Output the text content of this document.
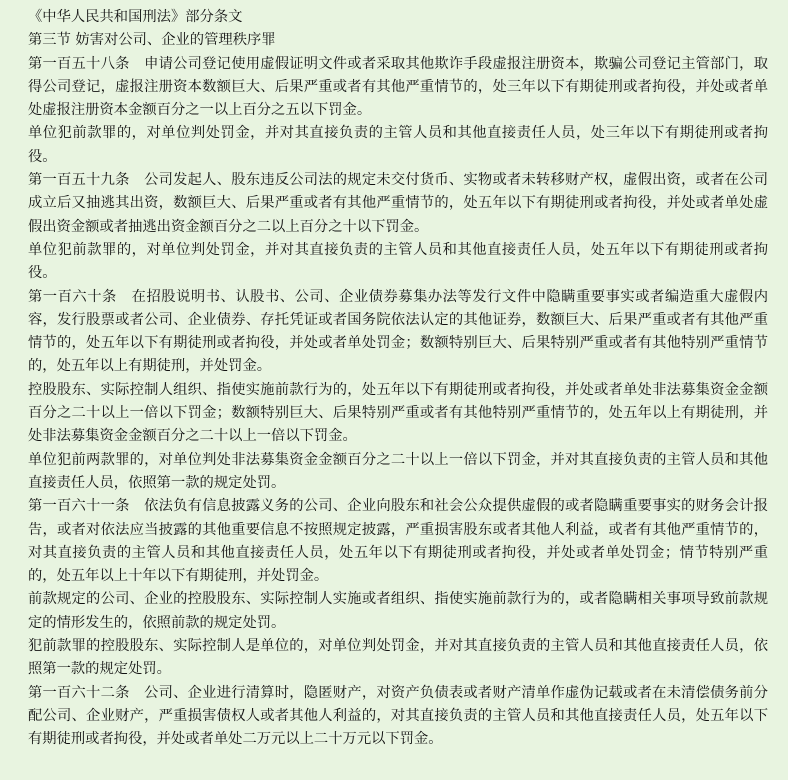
《中华人民共和国刑法》部分条文

第三节 妨害对公司、企业的管理秩序罪

第一百五十八条　申请公司登记使用虚假证明文件或者采取其他欺诈手段虚报注册资本，欺骗公司登记主管部门，取得公司登记，虚报注册资本数额巨大、后果严重或者有其他严重情节的，处三年以下有期徒刑或者拘役，并处或者单处虚报注册资本金额百分之一以上百分之五以下罚金。

单位犯前款罪的，对单位判处罚金，并对其直接负责的主管人员和其他直接责任人员，处三年以下有期徒刑或者拘役。

第一百五十九条　公司发起人、股东违反公司法的规定未交付货币、实物或者未转移财产权，虚假出资，或者在公司成立后又抽逃其出资，数额巨大、后果严重或者有其他严重情节的，处五年以下有期徒刑或者拘役，并处或者单处虚假出资金额或者抽逃出资金额百分之二以上百分之十以下罚金。

单位犯前款罪的，对单位判处罚金，并对其直接负责的主管人员和其他直接责任人员，处五年以下有期徒刑或者拘役。

第一百六十条　在招股说明书、认股书、公司、企业债券募集办法等发行文件中隐瞒重要事实或者编造重大虚假内容，发行股票或者公司、企业债券、存托凭证或者国务院依法认定的其他证券，数额巨大、后果严重或者有其他严重情节的，处五年以下有期徒刑或者拘役，并处或者单处罚金；数额特别巨大、后果特别严重或者有其他特别严重情节的，处五年以上有期徒刑，并处罚金。

控股股东、实际控制人组织、指使实施前款行为的，处五年以下有期徒刑或者拘役，并处或者单处非法募集资金金额百分之二十以上一倍以下罚金；数额特别巨大、后果特别严重或者有其他特别严重情节的，处五年以上有期徒刑，并处非法募集资金金额百分之二十以上一倍以下罚金。

单位犯前两款罪的，对单位判处非法募集资金金额百分之二十以上一倍以下罚金，并对其直接负责的主管人员和其他直接责任人员，依照第一款的规定处罚。

第一百六十一条　依法负有信息披露义务的公司、企业向股东和社会公众提供虚假的或者隐瞒重要事实的财务会计报告，或者对依法应当披露的其他重要信息不按照规定披露，严重损害股东或者其他人利益，或者有其他严重情节的，对其直接负责的主管人员和其他直接责任人员，处五年以下有期徒刑或者拘役，并处或者单处罚金；情节特别严重的，处五年以上十年以下有期徒刑，并处罚金。

前款规定的公司、企业的控股股东、实际控制人实施或者组织、指使实施前款行为的，或者隐瞒相关事项导致前款规定的情形发生的，依照前款的规定处罚。

犯前款罪的控股股东、实际控制人是单位的，对单位判处罚金，并对其直接负责的主管人员和其他直接责任人员，依照第一款的规定处罚。

第一百六十二条　公司、企业进行清算时，隐匿财产，对资产负债表或者财产清单作虚伪记载或者在未清偿债务前分配公司、企业财产，严重损害债权人或者其他人利益的，对其直接负责的主管人员和其他直接责任人员，处五年以下有期徒刑或者拘役，并处或者单处二万元以上二十万元以下罚金。
